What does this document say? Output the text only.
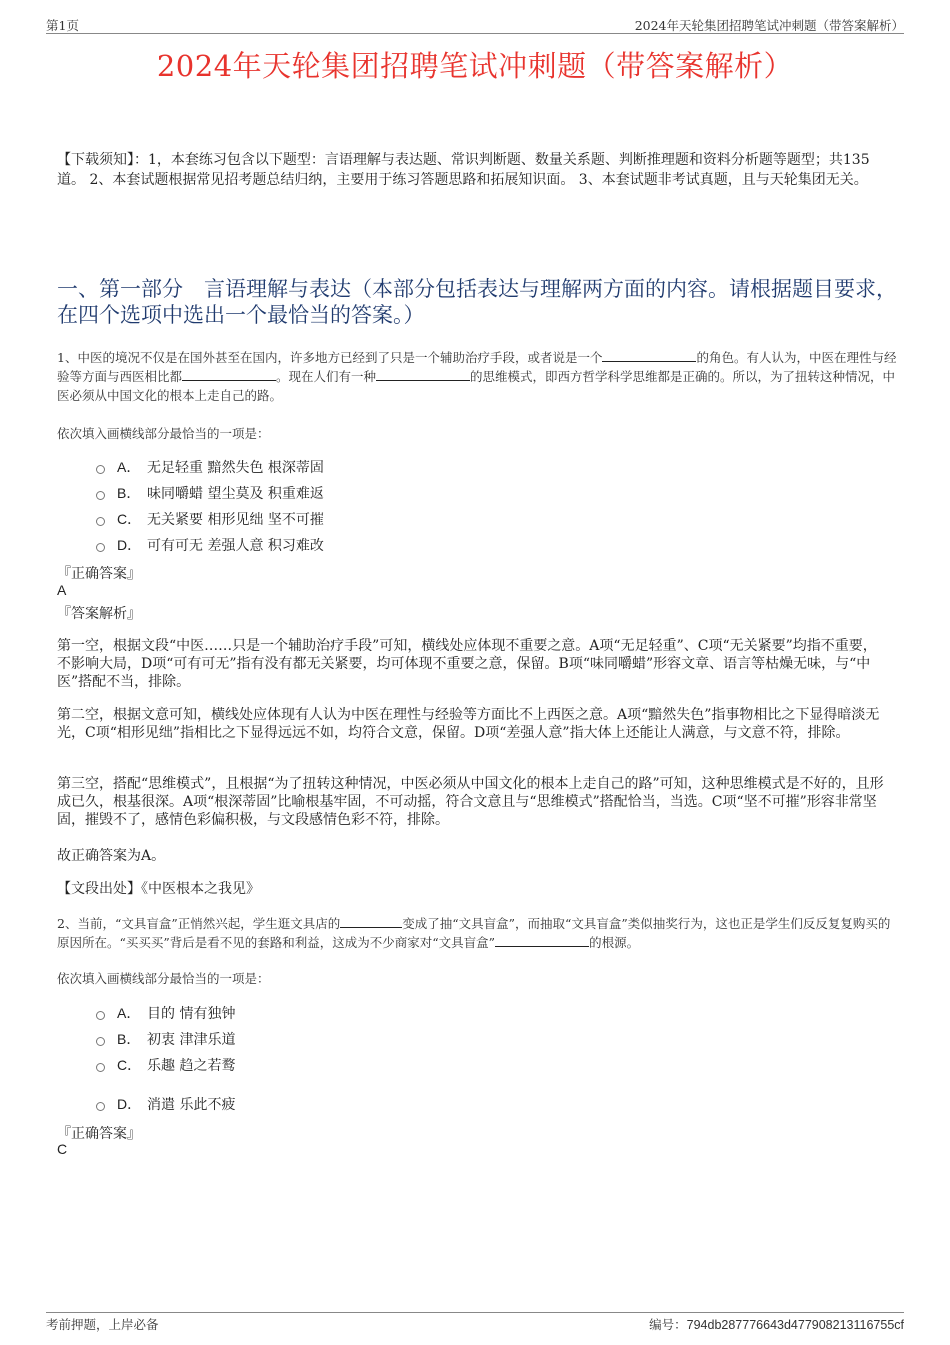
第1页	2024年天轮集团招聘笔试冲刺题（带答案解析）
2024年天轮集团招聘笔试冲刺题（带答案解析）
【下载须知】：1，本套练习包含以下题型：言语理解与表达题、常识判断题、数量关系题、判断推理题和资料分析题等题型；共135道。 2、本套试题根据常见招考题总结归纳，主要用于练习答题思路和拓展知识面。 3、本套试题非考试真题，且与天轮集团无关。
一、第一部分　言语理解与表达（本部分包括表达与理解两方面的内容。请根据题目要求，在四个选项中选出一个最恰当的答案。）
1、中医的境况不仅是在国外甚至在国内，许多地方已经到了只是一个辅助治疗手段，或者说是一个	的角色。有人认为，中医在理性与经验等方面与西医相比都	。现在人们有一种	的思维模式，即西方哲学科学思维都是正确的。所以，为了扭转这种情况，中医必须从中国文化的根本上走自己的路。
依次填入画横线部分最恰当的一项是：
A． 无足轻重 黯然失色 根深蒂固
B． 味同嚼蜡 望尘莫及 积重难返
C． 无关紧要 相形见绌 坚不可摧
D． 可有可无 差强人意 积习难改
『正确答案』
A
『答案解析』
第一空，根据文段“中医……只是一个辅助治疗手段”可知，横线处应体现不重要之意。A项“无足轻重”、C项“无关紧要”均指不重要，不影响大局，D项“可有可无”指有没有都无关紧要，均可体现不重要之意，保留。B项“味同嚼蜡”形容文章、语言等枯燥无味，与“中医”搭配不当，排除。
第二空，根据文意可知，横线处应体现有人认为中医在理性与经验等方面比不上西医之意。A项“黯然失色”指事物相比之下显得暗淡无光，C项“相形见绌”指相比之下显得远远不如，均符合文意，保留。D项“差强人意”指大体上还能让人满意，与文意不符，排除。
第三空，搭配“思维模式”，且根据“为了扭转这种情况，中医必须从中国文化的根本上走自己的路”可知，这种思维模式是不好的，且形成已久，根基很深。A项“根深蒂固”比喻根基牢固，不可动摇，符合文意且与“思维模式”搭配恰当，当选。C项“坚不可摧”形容非常坚固，摧毁不了，感情色彩偏积极，与文段感情色彩不符，排除。
故正确答案为A。
【文段出处】《中医根本之我见》
2、当前，“文具盲盒”正悄然兴起，学生逛文具店的	变成了抽“文具盲盒”，而抽取“文具盲盒”类似抽奖行为，这也正是学生们反反复复购买的原因所在。“买买买”背后是看不见的套路和利益，这成为不少商家对“文具盲盒”	的根源。
依次填入画横线部分最恰当的一项是：
A． 目的 情有独钟
B． 初衷 津津乐道
C． 乐趣 趋之若鹜
D． 消遣 乐此不疲
『正确答案』
C
考前押题，上岸必备	编号：794db287776643d477908213116755cf
